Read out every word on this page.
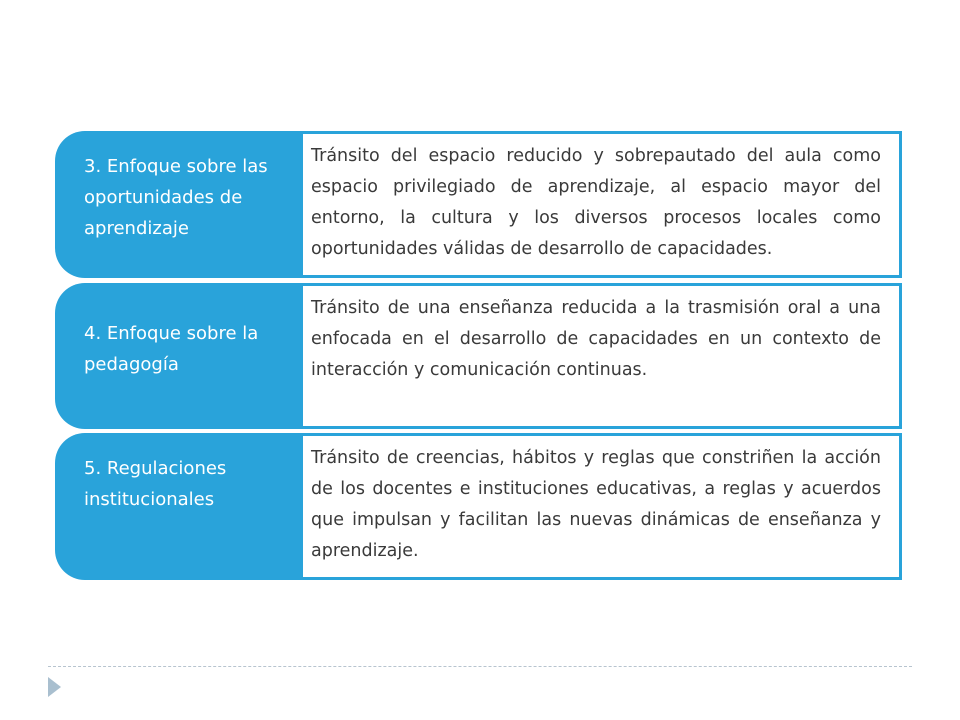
3. Enfoque sobre las oportunidades de aprendizaje
Tránsito del espacio reducido y sobrepautado del aula como espacio privilegiado de aprendizaje, al espacio mayor del entorno, la cultura y los diversos procesos locales como oportunidades válidas de desarrollo de capacidades.
4. Enfoque sobre la pedagogía
Tránsito de una enseñanza reducida a la trasmisión oral a una enfocada en el desarrollo de capacidades en un contexto de interacción y comunicación continuas.
5. Regulaciones institucionales
Tránsito de creencias, hábitos y reglas que constriñen la acción de los docentes e instituciones educativas, a reglas y acuerdos que impulsan y facilitan las nuevas dinámicas de enseñanza y aprendizaje.
